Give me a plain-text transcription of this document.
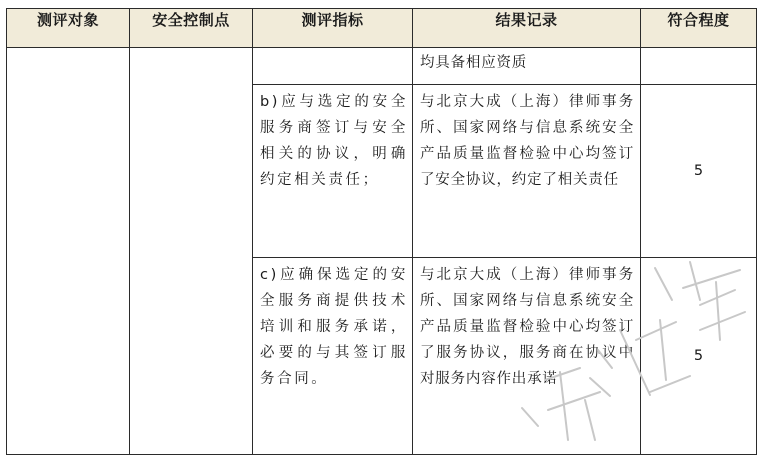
测评对象	安全控制点	测评指标	结果记录	符合程度

			均具备相应资质	

		b)应与选定的安全服务商签订与安全相关的协议，明确约定相关责任；	与北京大成（上海）律师事务所、国家网络与信息系统安全产品质量监督检验中心均签订了安全协议，约定了相关责任	5

		c)应确保选定的安全服务商提供技术培训和服务承诺，必要的与其签订服务合同。	与北京大成（上海）律师事务所、国家网络与信息系统安全产品质量监督检验中心均签订了服务协议，服务商在协议中对服务内容作出承诺	5
